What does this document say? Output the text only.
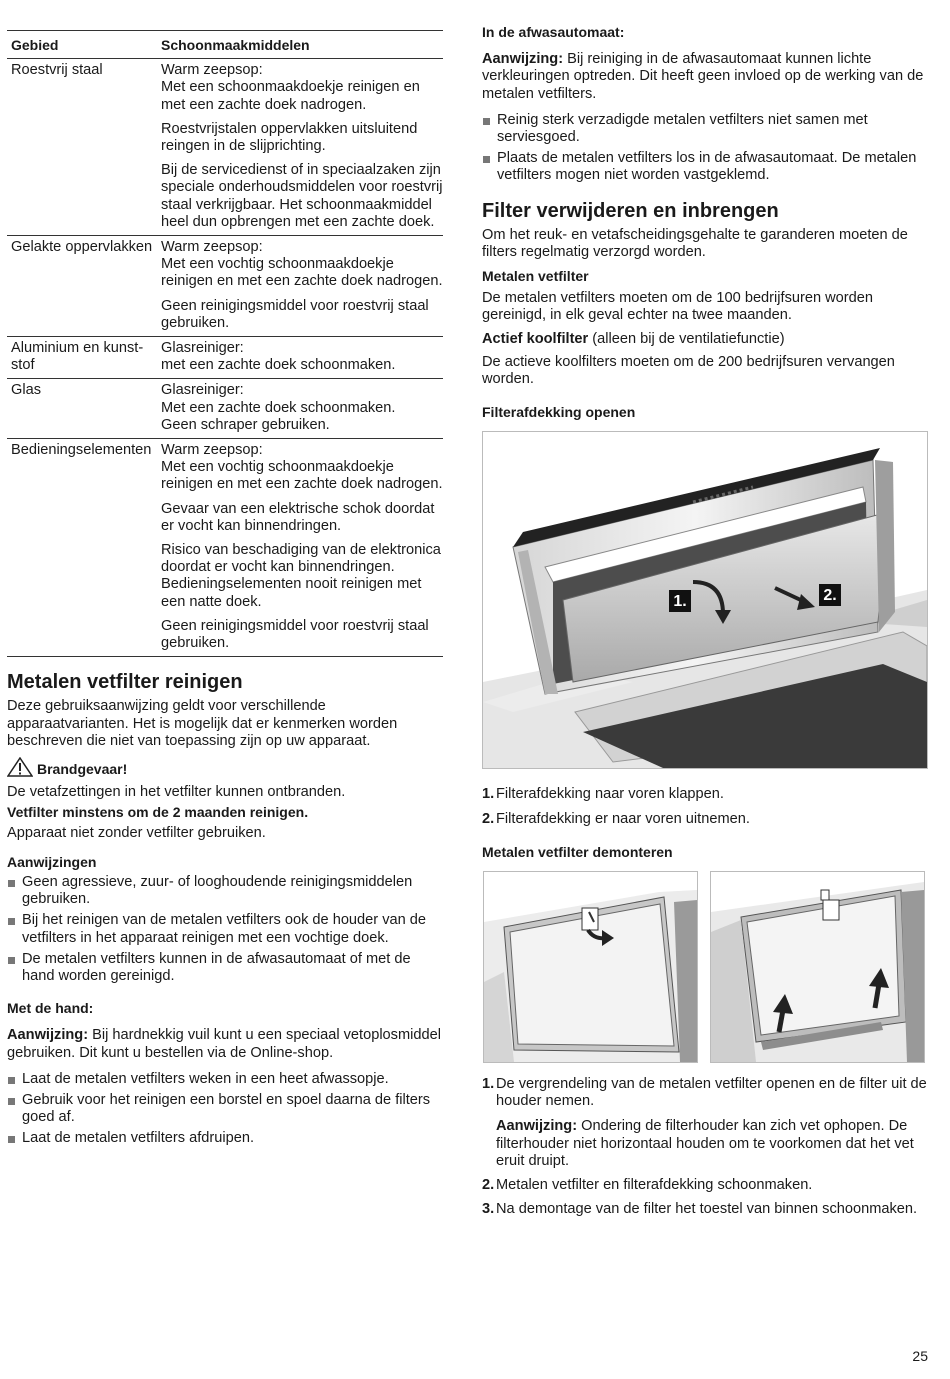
Gebied	Schoonmaakmiddelen
Roestvrij staal	Warm zeepsop:
Met een schoonmaakdoekje reinigen en met een zachte doek nadrogen.

Roestvrijstalen oppervlakken uitsluitend reingen in de slijprichting.

Bij de servicedienst of in speciaalzaken zijn speciale onderhoudsmiddelen voor roestvrij staal verkrijgbaar. Het schoonmaakmiddel heel dun opbrengen met een zachte doek.

Gelakte oppervlakken	Warm zeepsop:
Met een vochtig schoonmaakdoekje reinigen en met een zachte doek nadrogen.

Geen reinigingsmiddel voor roestvrij staal gebruiken.

Aluminium en kunststof	Glasreiniger:
met een zachte doek schoonmaken.

Glas	Glasreiniger:
Met een zachte doek schoonmaken.
Geen schraper gebruiken.

Bedieningselementen	Warm zeepsop:
Met een vochtig schoonmaakdoekje reinigen en met een zachte doek nadrogen.

Gevaar van een elektrische schok doordat er vocht kan binnendringen.

Risico van beschadiging van de elektronica doordat er vocht kan binnendringen. Bedieningselementen nooit reinigen met een natte doek.

Geen reinigingsmiddel voor roestvrij staal gebruiken.

Metalen vetfilter reinigen

Deze gebruiksaanwijzing geldt voor verschillende apparaatvarianten. Het is mogelijk dat er kenmerken worden beschreven die niet van toepassing zijn op uw apparaat.

Brandgevaar!

De vetafzettingen in het vetfilter kunnen ontbranden.

Vetfilter minstens om de 2 maanden reinigen.

Apparaat niet zonder vetfilter gebruiken.

Aanwijzingen

Geen agressieve, zuur- of looghoudende reinigingsmiddelen gebruiken.
Bij het reinigen van de metalen vetfilters ook de houder van de vetfilters in het apparaat reinigen met een vochtige doek.
De metalen vetfilters kunnen in de afwasautomaat of met de hand worden gereinigd.

Met de hand:

Aanwijzing: Bij hardnekkig vuil kunt u een speciaal vetoplosmiddel gebruiken. Dit kunt u bestellen via de Online-shop.

Laat de metalen vetfilters weken in een heet afwassopje.
Gebruik voor het reinigen een borstel en spoel daarna de filters goed af.
Laat de metalen vetfilters afdruipen.

In de afwasautomaat:

Aanwijzing: Bij reiniging in de afwasautomaat kunnen lichte verkleuringen optreden. Dit heeft geen invloed op de werking van de metalen vetfilters.

Reinig sterk verzadigde metalen vetfilters niet samen met serviesgoed.
Plaats de metalen vetfilters los in de afwasautomaat. De metalen vetfilters mogen niet worden vastgeklemd.
Filter verwijderen en inbrengen

Om het reuk- en vetafscheidingsgehalte te garanderen moeten de filters regelmatig verzorgd worden.

Metalen vetfilter

De metalen vetfilters moeten om de 100 bedrijfsuren worden gereinigd, in elk geval echter na twee maanden.

Actief koolfilter (alleen bij de ventilatiefunctie)

De actieve koolfilters moeten om de 200 bedrijfsuren vervangen worden.

Filterafdekking openen

1.	2.
1. Filterafdekking naar voren klappen.
2. Filterafdekking er naar voren uitnemen.

Metalen vetfilter demonteren

1. De vergrendeling van de metalen vetfilter openen en de filter uit de houder nemen.

Aanwijzing: Ondering de filterhouder kan zich vet ophopen. De filterhouder niet horizontaal houden om te voorkomen dat het vet eruit druipt.

2. Metalen vetfilter en filterafdekking schoonmaken.
3. Na demontage van de filter het toestel van binnen schoonmaken.
25
